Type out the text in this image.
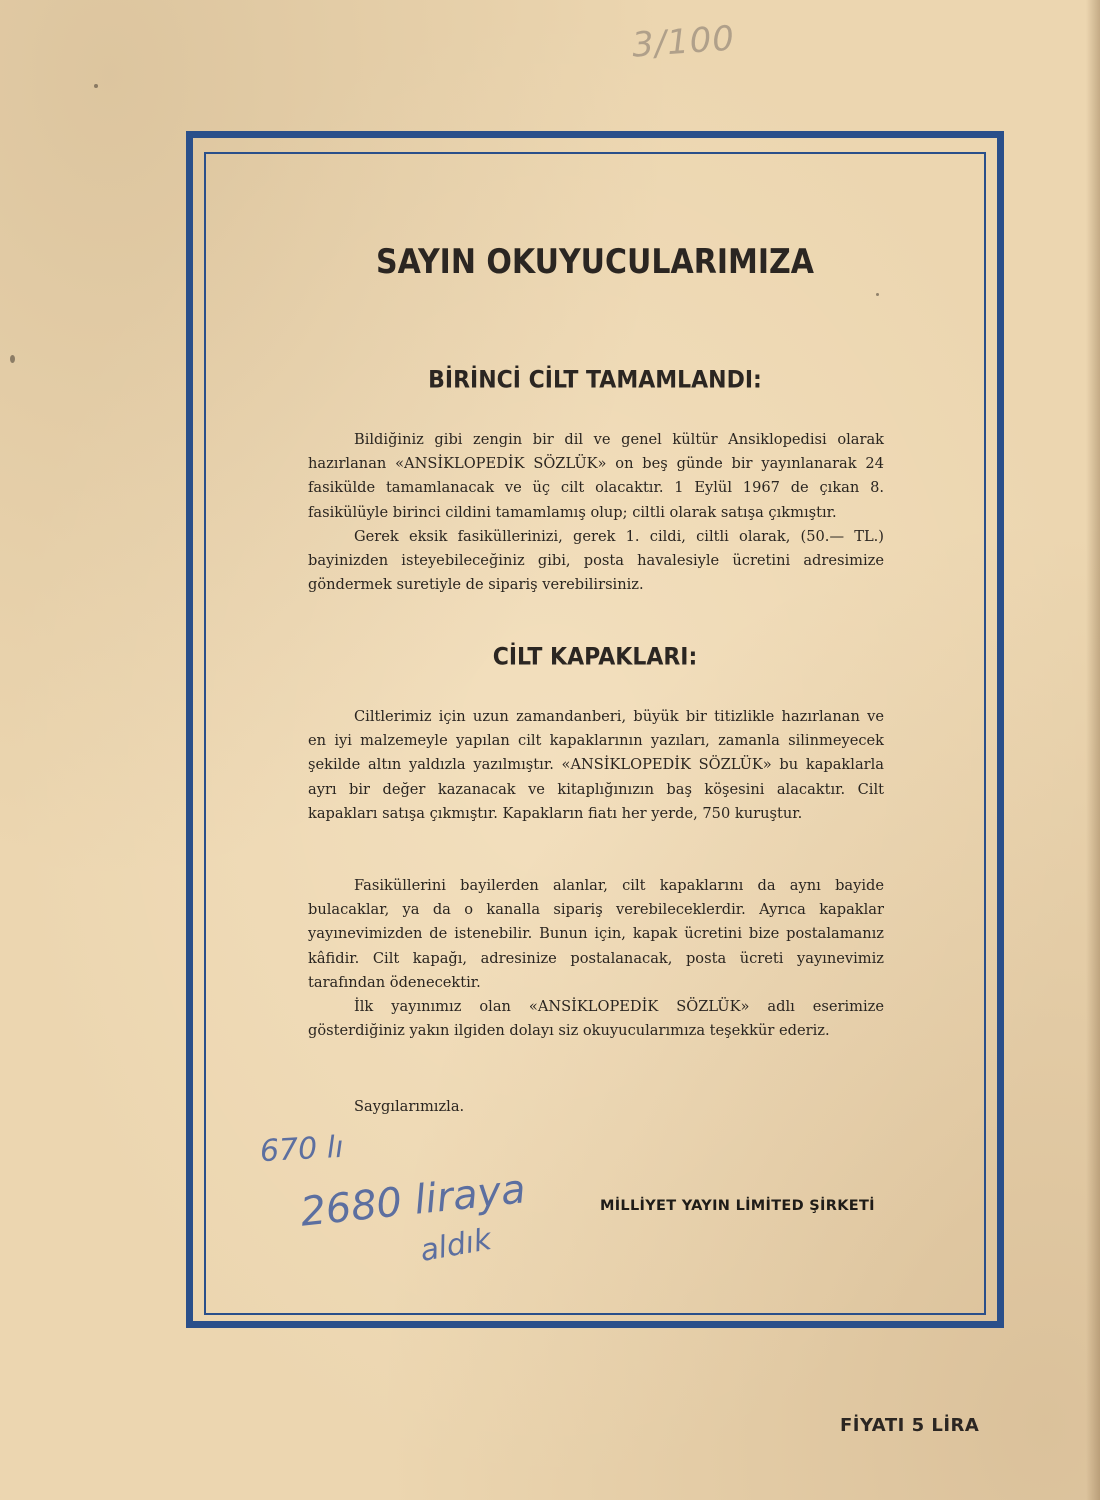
3/100
SAYIN OKUYUCULARIMIZA
BİRİNCİ CİLT TAMAMLANDI:

Bildiğiniz gibi zengin bir dil ve genel kültür Ansiklopedisi olarak hazırlanan «ANSİKLOPEDİK SÖZLÜK» on beş günde bir yayınlanarak 24 fasikülde tamamlanacak ve üç cilt olacaktır. 1 Eylül 1967 de çıkan 8. fasikülüyle birinci cildini tamamlamış olup; ciltli olarak satışa çıkmıştır.

Gerek eksik fasiküllerinizi, gerek 1. cildi, ciltli olarak, (50.— TL.) bayinizden isteyebileceğiniz gibi, posta havalesiyle ücretini adresimize göndermek suretiyle de sipariş verebilirsiniz.

CİLT KAPAKLARI:

Ciltlerimiz için uzun zamandanberi, büyük bir titizlikle hazırlanan ve en iyi malzemeyle yapılan cilt kapaklarının yazıları, zamanla silinmeyecek şekilde altın yaldızla yazılmıştır. «ANSİKLOPEDİK SÖZLÜK» bu kapaklarla ayrı bir değer kazanacak ve kitaplığınızın baş köşesini alacaktır. Cilt kapakları satışa çıkmıştır. Kapakların fiatı her yerde, 750 kuruştur.

Fasiküllerini bayilerden alanlar, cilt kapaklarını da aynı bayide bulacaklar, ya da o kanalla sipariş verebileceklerdir. Ayrıca kapaklar yayınevimizden de istenebilir. Bunun için, kapak ücretini bize postalamanız kâfidir. Cilt kapağı, adresinize postalanacak, posta ücreti yayınevimiz tarafından ödenecektir.

İlk yayınımız olan «ANSİKLOPEDİK SÖZLÜK» adlı eserimize gösterdiğiniz yakın ilgiden dolayı siz okuyucularımıza teşekkür ederiz.

Saygılarımızla.
670 lı
2680 liraya
aldık
MİLLİYET YAYIN LİMİTED ŞİRKETİ
FİYATI 5 LİRA
